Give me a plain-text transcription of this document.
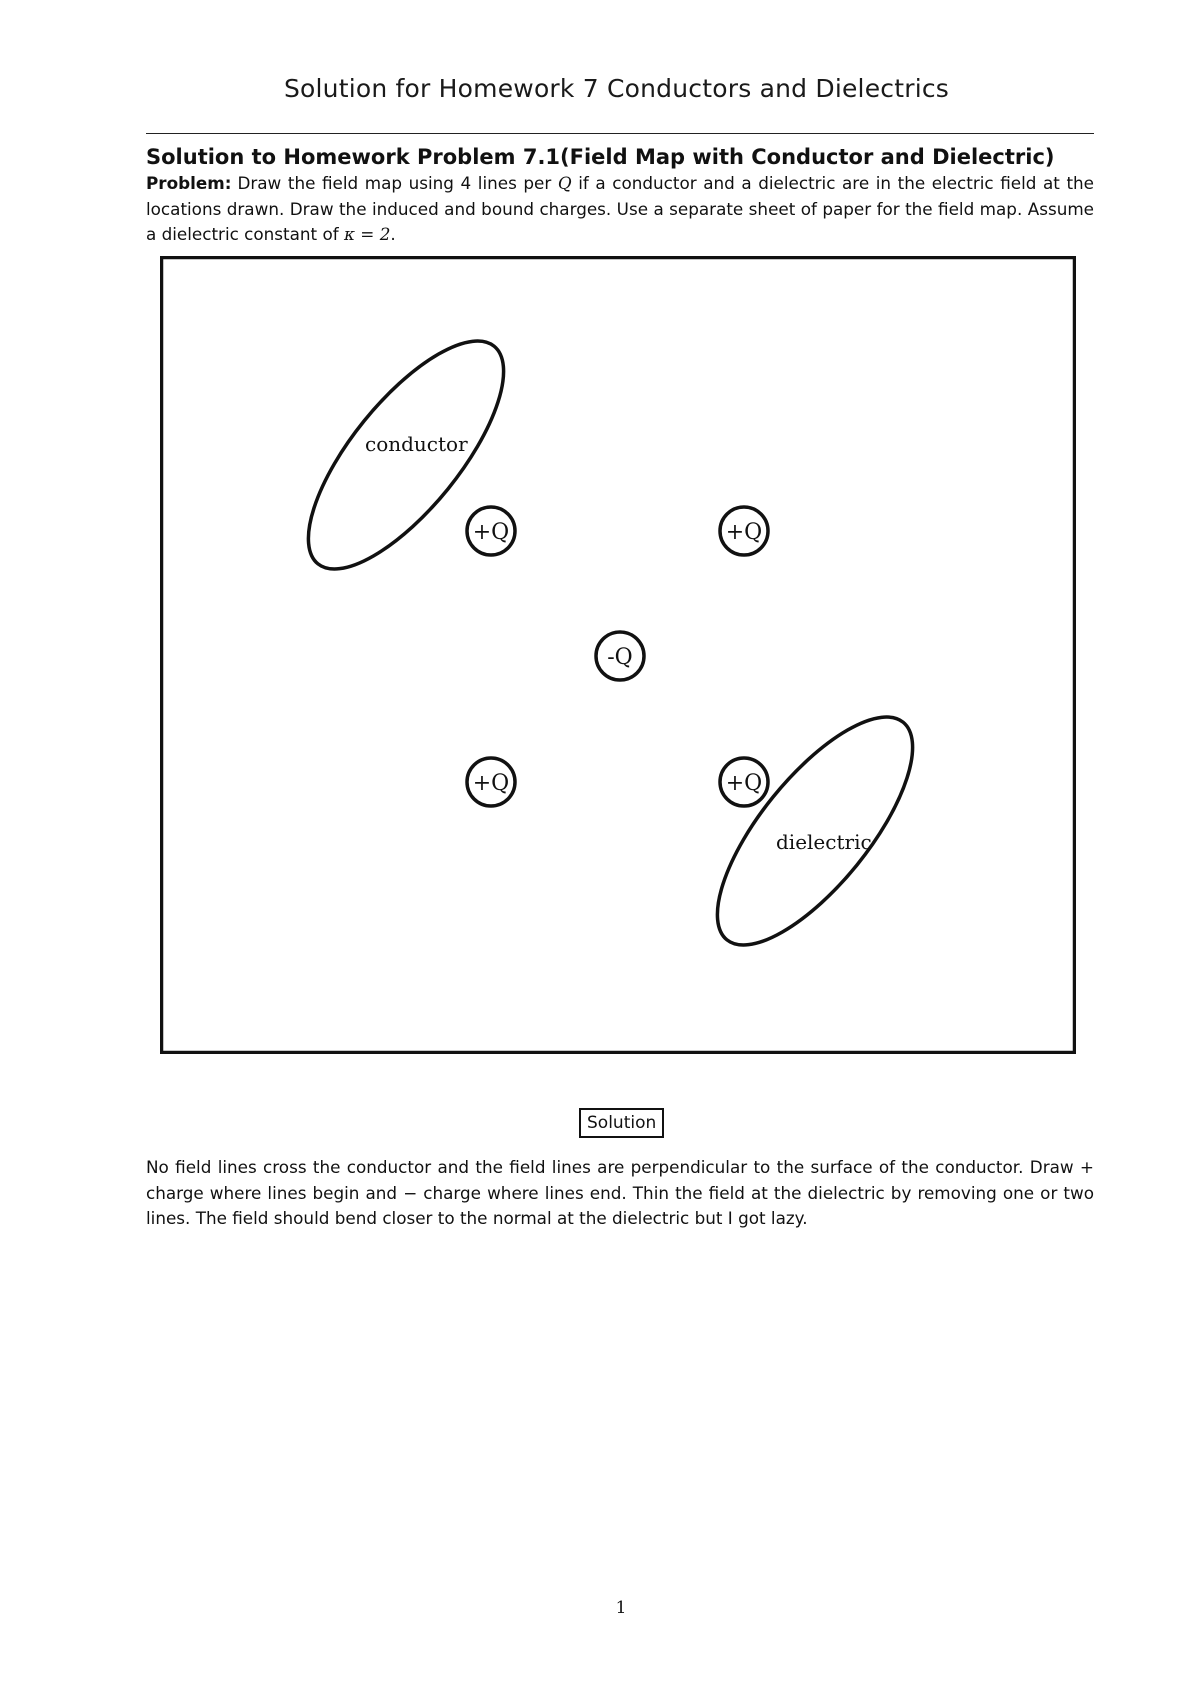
Solution for Homework 7 Conductors and Dielectrics
Solution to Homework Problem 7.1(Field Map with Conductor and Dielectric)
Problem: Draw the field map using 4 lines per Q if a conductor and a dielectric are in the electric field at the locations drawn. Draw the induced and bound charges. Use a separate sheet of paper for the field map. Assume a dielectric constant of κ = 2.
conductor
dielectric
+Q	+Q
-Q
+Q	+Q
Solution
No field lines cross the conductor and the field lines are perpendicular to the surface of the conductor. Draw + charge where lines begin and − charge where lines end. Thin the field at the dielectric by removing one or two lines. The field should bend closer to the normal at the dielectric but I got lazy.
1
